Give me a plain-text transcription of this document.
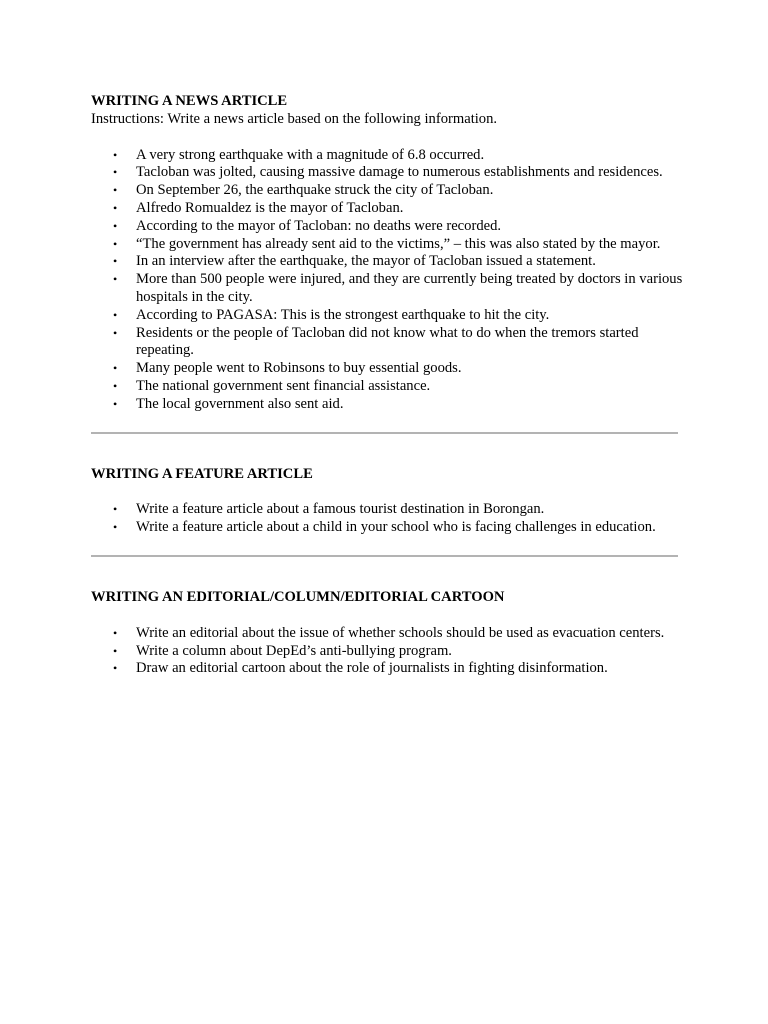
WRITING A NEWS ARTICLE

Instructions: Write a news article based on the following information.

• A very strong earthquake with a magnitude of 6.8 occurred.
• Tacloban was jolted, causing massive damage to numerous establishments and residences.
• On September 26, the earthquake struck the city of Tacloban.
• Alfredo Romualdez is the mayor of Tacloban.
• According to the mayor of Tacloban: no deaths were recorded.
• “The government has already sent aid to the victims,” – this was also stated by the mayor.
• In an interview after the earthquake, the mayor of Tacloban issued a statement.
• More than 500 people were injured, and they are currently being treated by doctors in various hospitals in the city.
• According to PAGASA: This is the strongest earthquake to hit the city.
• Residents or the people of Tacloban did not know what to do when the tremors started repeating.
• Many people went to Robinsons to buy essential goods.
• The national government sent financial assistance.
• The local government also sent aid.

WRITING A FEATURE ARTICLE

• Write a feature article about a famous tourist destination in Borongan.
• Write a feature article about a child in your school who is facing challenges in education.

WRITING AN EDITORIAL/COLUMN/EDITORIAL CARTOON

• Write an editorial about the issue of whether schools should be used as evacuation centers.
• Write a column about DepEd’s anti-bullying program.
• Draw an editorial cartoon about the role of journalists in fighting disinformation.
